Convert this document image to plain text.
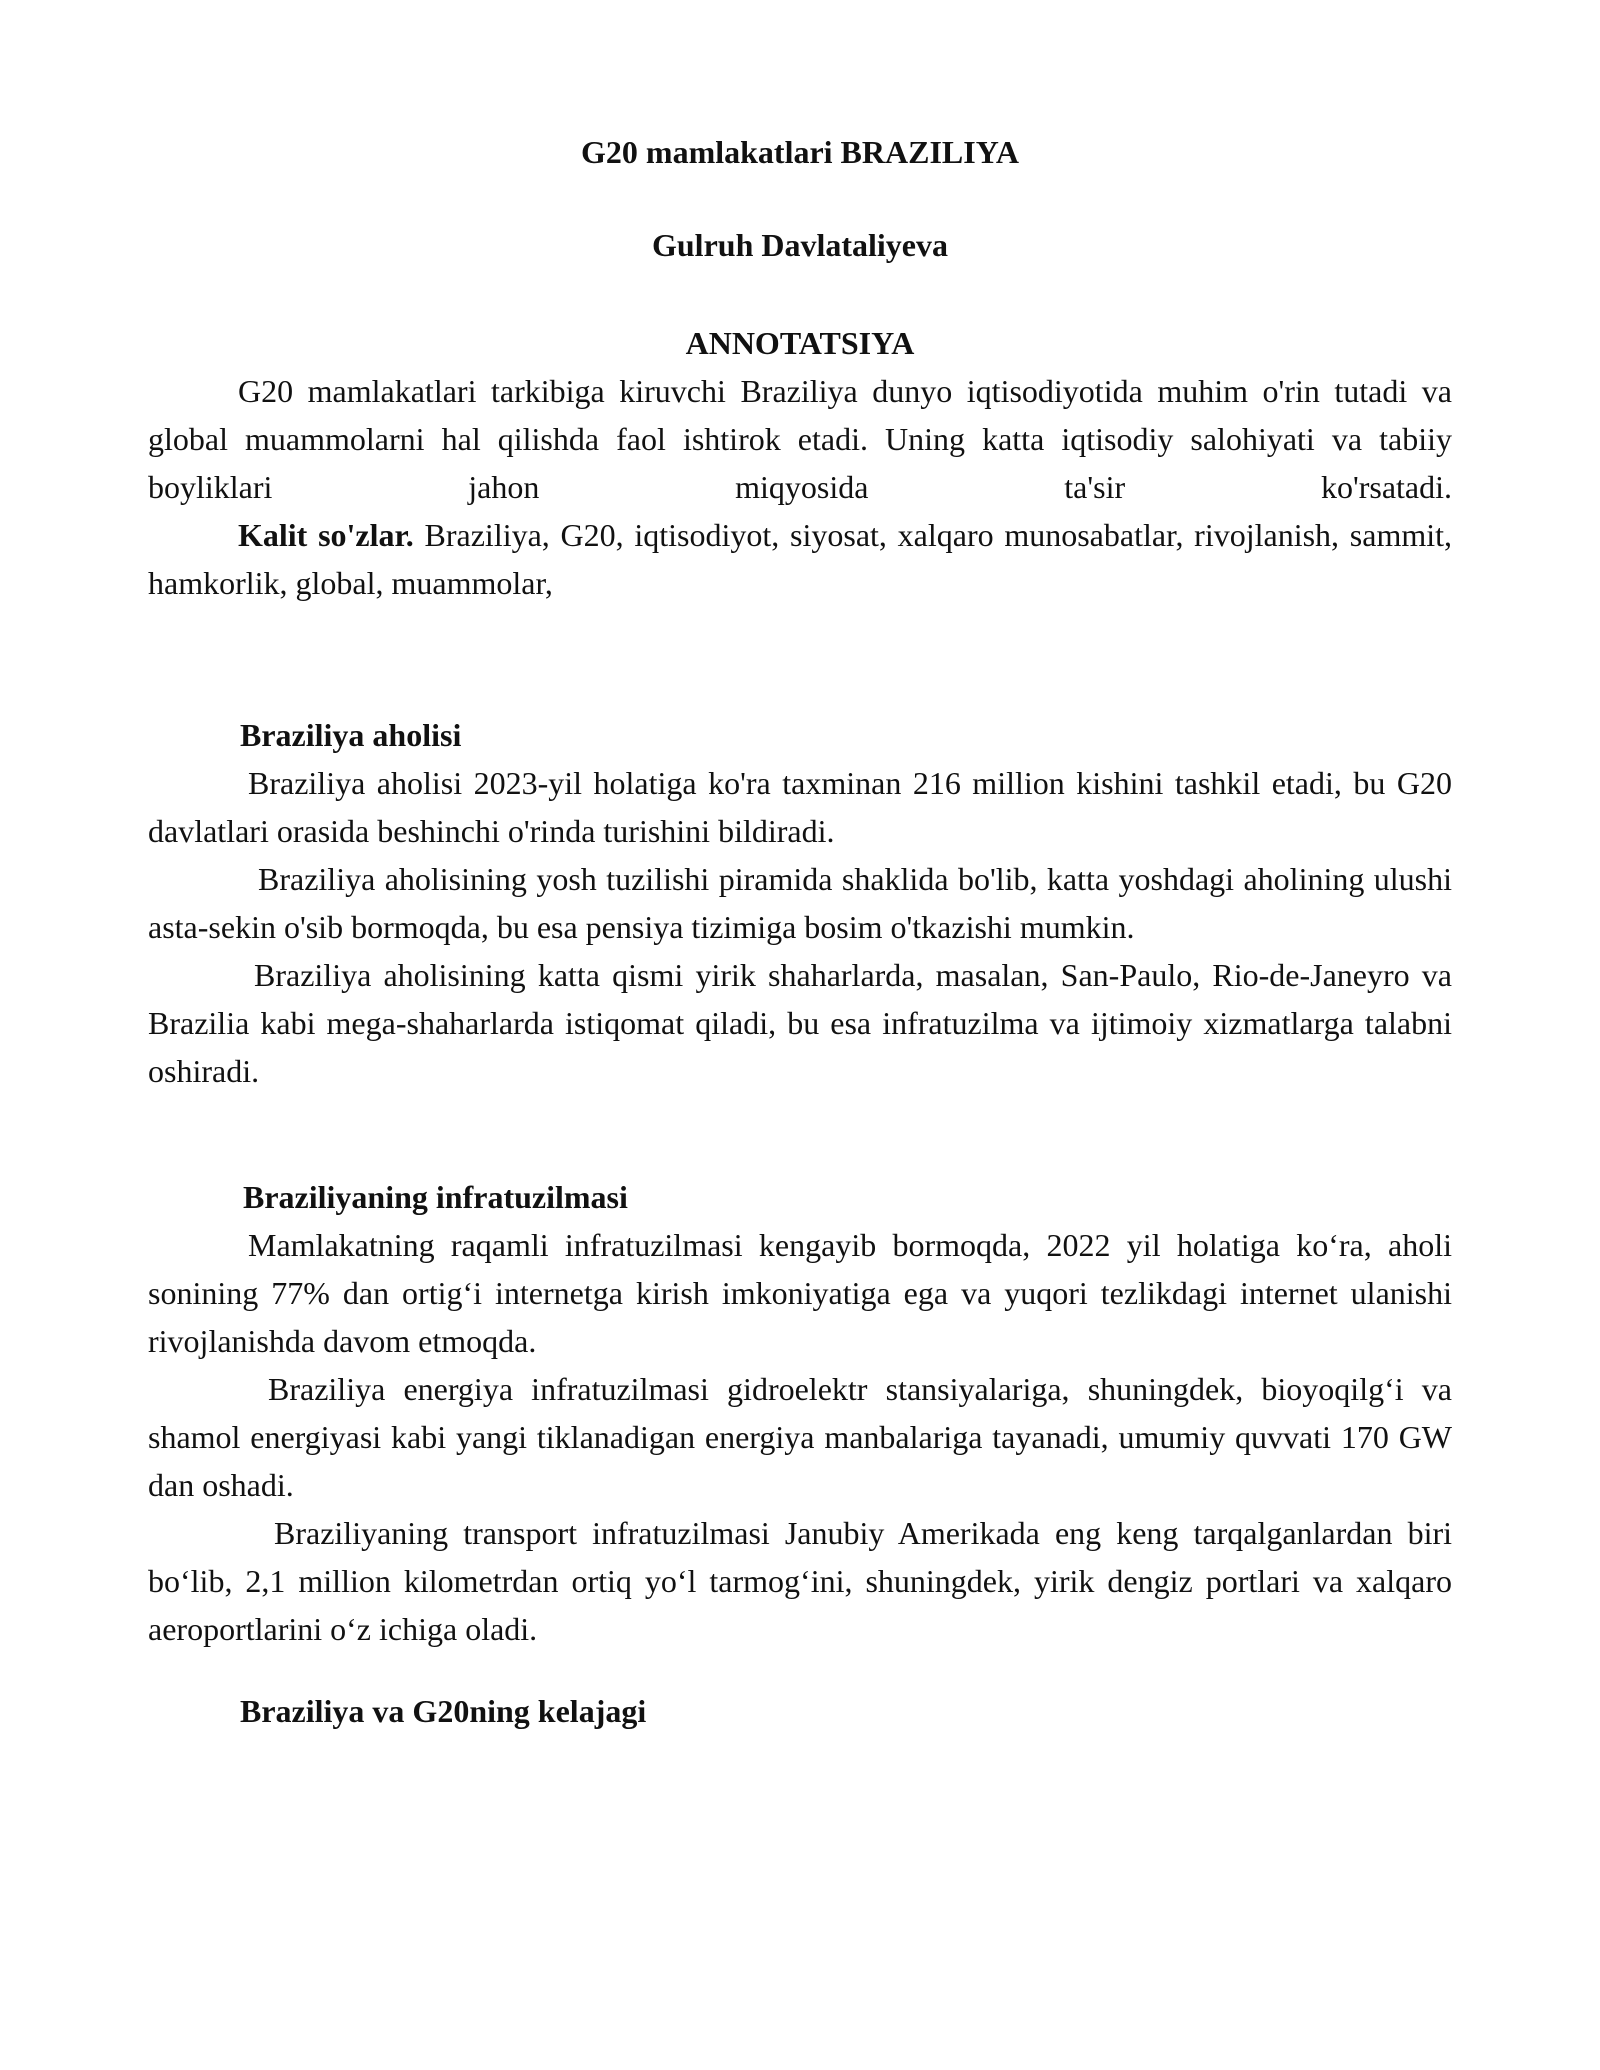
G20 mamlakatlari BRAZILIYA
Gulruh Davlataliyeva
ANNOTATSIYA

G20 mamlakatlari tarkibiga kiruvchi Braziliya dunyo iqtisodiyotida muhim o'rin tutadi va global muammolarni hal qilishda faol ishtirok etadi. Uning katta iqtisodiy salohiyati va tabiiy boyliklari jahon miqyosida ta'sir ko'rsatadi.

Kalit so'zlar. Braziliya, G20, iqtisodiyot, siyosat, xalqaro munosabatlar, rivojlanish, sammit, hamkorlik, global, muammolar,

Braziliya aholisi

Braziliya aholisi 2023-yil holatiga ko'ra taxminan 216 million kishini tashkil etadi, bu G20 davlatlari orasida beshinchi o'rinda turishini bildiradi.

Braziliya aholisining yosh tuzilishi piramida shaklida bo'lib, katta yoshdagi aholining ulushi asta-sekin o'sib bormoqda, bu esa pensiya tizimiga bosim o'tkazishi mumkin.

Braziliya aholisining katta qismi yirik shaharlarda, masalan, San-Paulo, Rio-de-Janeyro va Brazilia kabi mega-shaharlarda istiqomat qiladi, bu esa infratuzilma va ijtimoiy xizmatlarga talabni oshiradi.

Braziliyaning infratuzilmasi

Mamlakatning raqamli infratuzilmasi kengayib bormoqda, 2022 yil holatiga koʻra, aholi sonining 77% dan ortigʻi internetga kirish imkoniyatiga ega va yuqori tezlikdagi internet ulanishi rivojlanishda davom etmoqda.

Braziliya energiya infratuzilmasi gidroelektr stansiyalariga, shuningdek, bioyoqilgʻi va shamol energiyasi kabi yangi tiklanadigan energiya manbalariga tayanadi, umumiy quvvati 170 GW dan oshadi.

Braziliyaning transport infratuzilmasi Janubiy Amerikada eng keng tarqalganlardan biri boʻlib, 2,1 million kilometrdan ortiq yoʻl tarmogʻini, shuningdek, yirik dengiz portlari va xalqaro aeroportlarini oʻz ichiga oladi.

Braziliya va G20ning kelajagi
